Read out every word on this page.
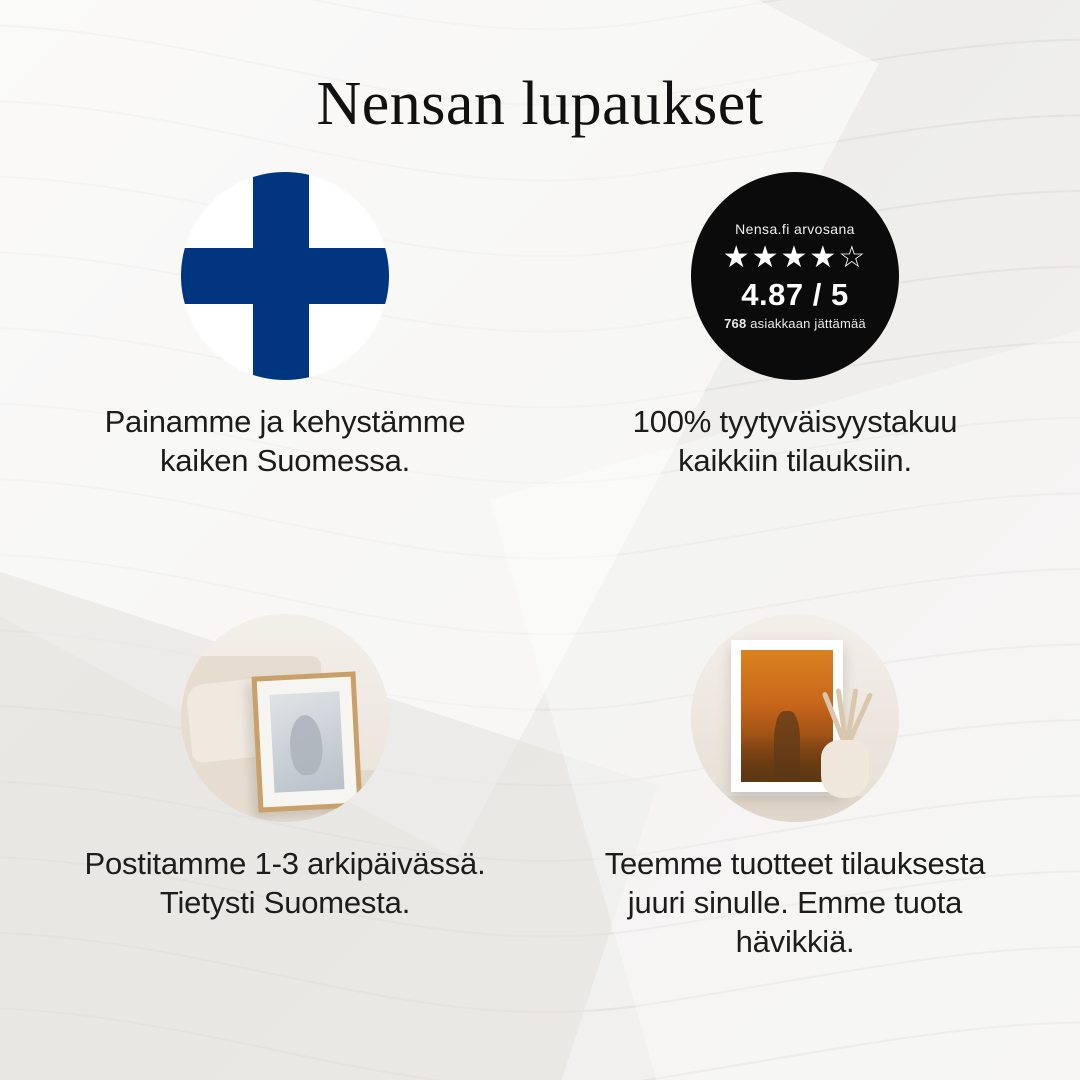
Nensan lupaukset
Painamme ja kehystämme kaiken Suomessa.
Nensa.fi arvosana
★★★★☆
4.87 / 5
768 asiakkaan jättämää
100% tyytyväisyystakuu kaikkiin tilauksiin.
Postitamme 1-3 arkipäivässä. Tietysti Suomesta.
Teemme tuotteet tilauksesta juuri sinulle. Emme tuota hävikkiä.
